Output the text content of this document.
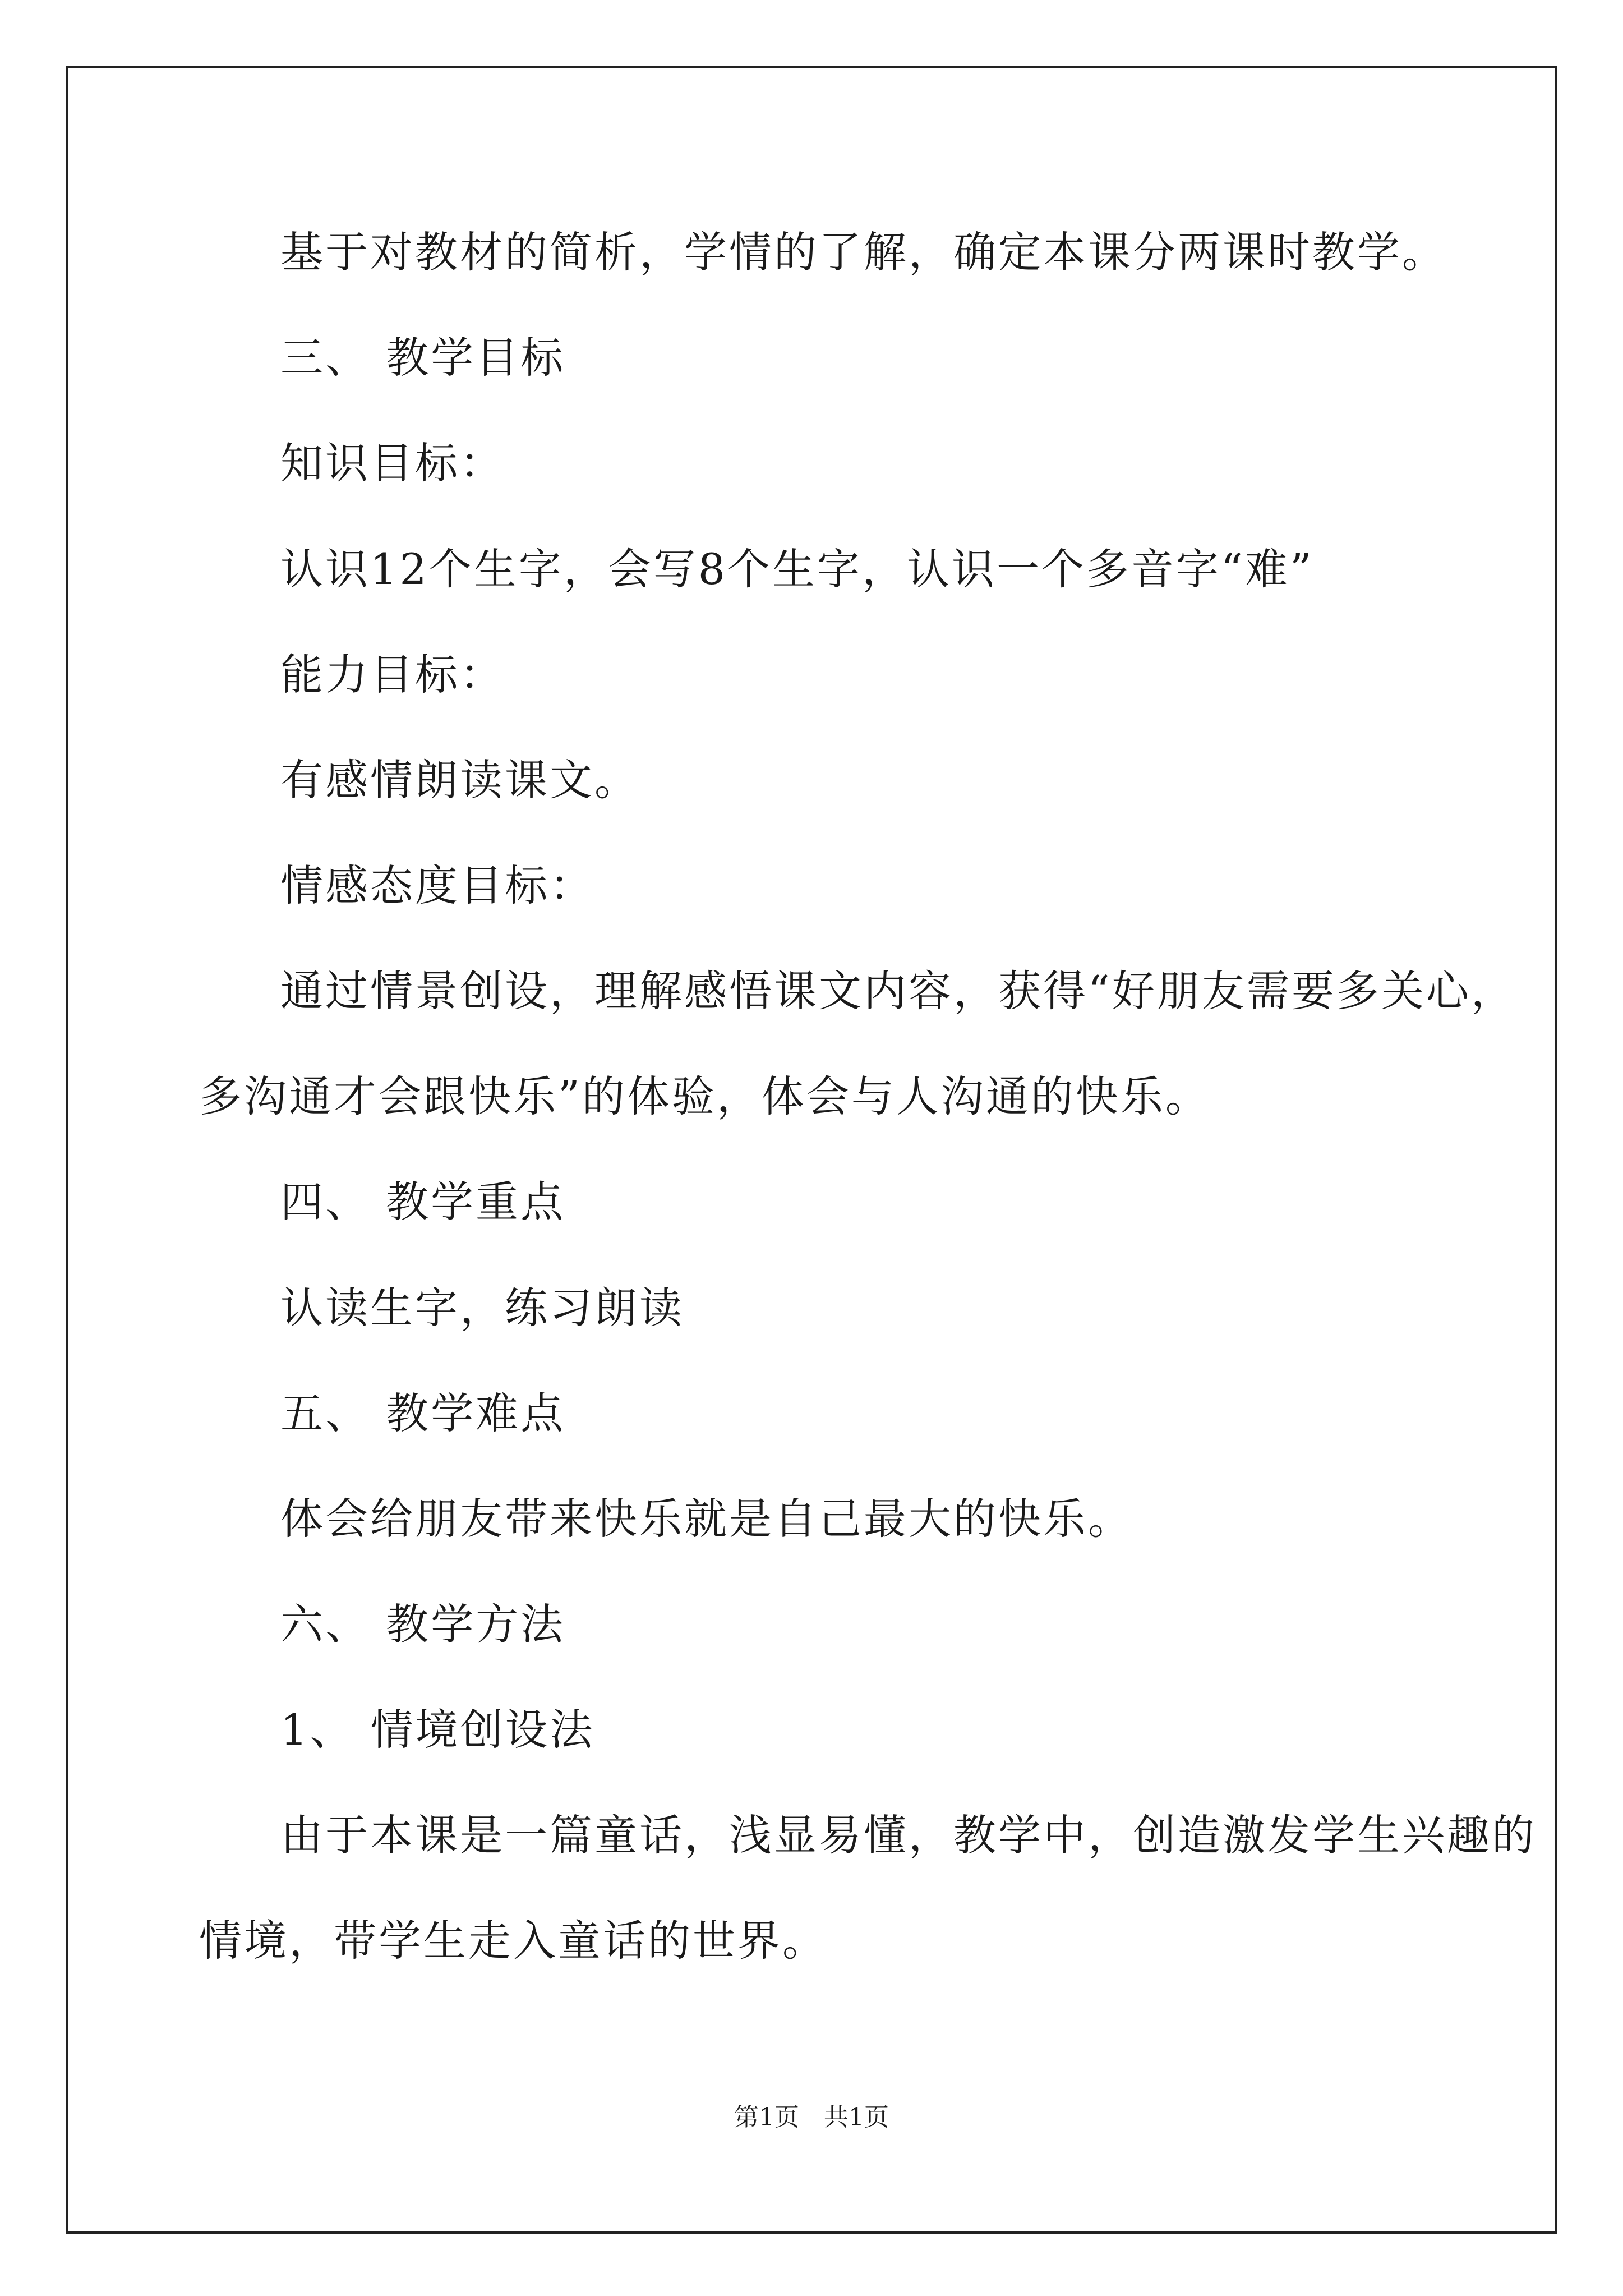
基于对教材的简析，学情的了解，确定本课分两课时教学。
三、 教学目标
知识目标：
认识12个生字，会写8个生字，认识一个多音字“难”
能力目标：
有感情朗读课文。
情感态度目标：
通过情景创设，理解感悟课文内容，获得“好朋友需要多关心，
多沟通才会跟快乐”的体验，体会与人沟通的快乐。
四、 教学重点
认读生字，练习朗读
五、 教学难点
体会给朋友带来快乐就是自己最大的快乐。
六、 教学方法
1、 情境创设法
由于本课是一篇童话，浅显易懂，教学中，创造激发学生兴趣的
情境，带学生走入童话的世界。
第1页　共1页
